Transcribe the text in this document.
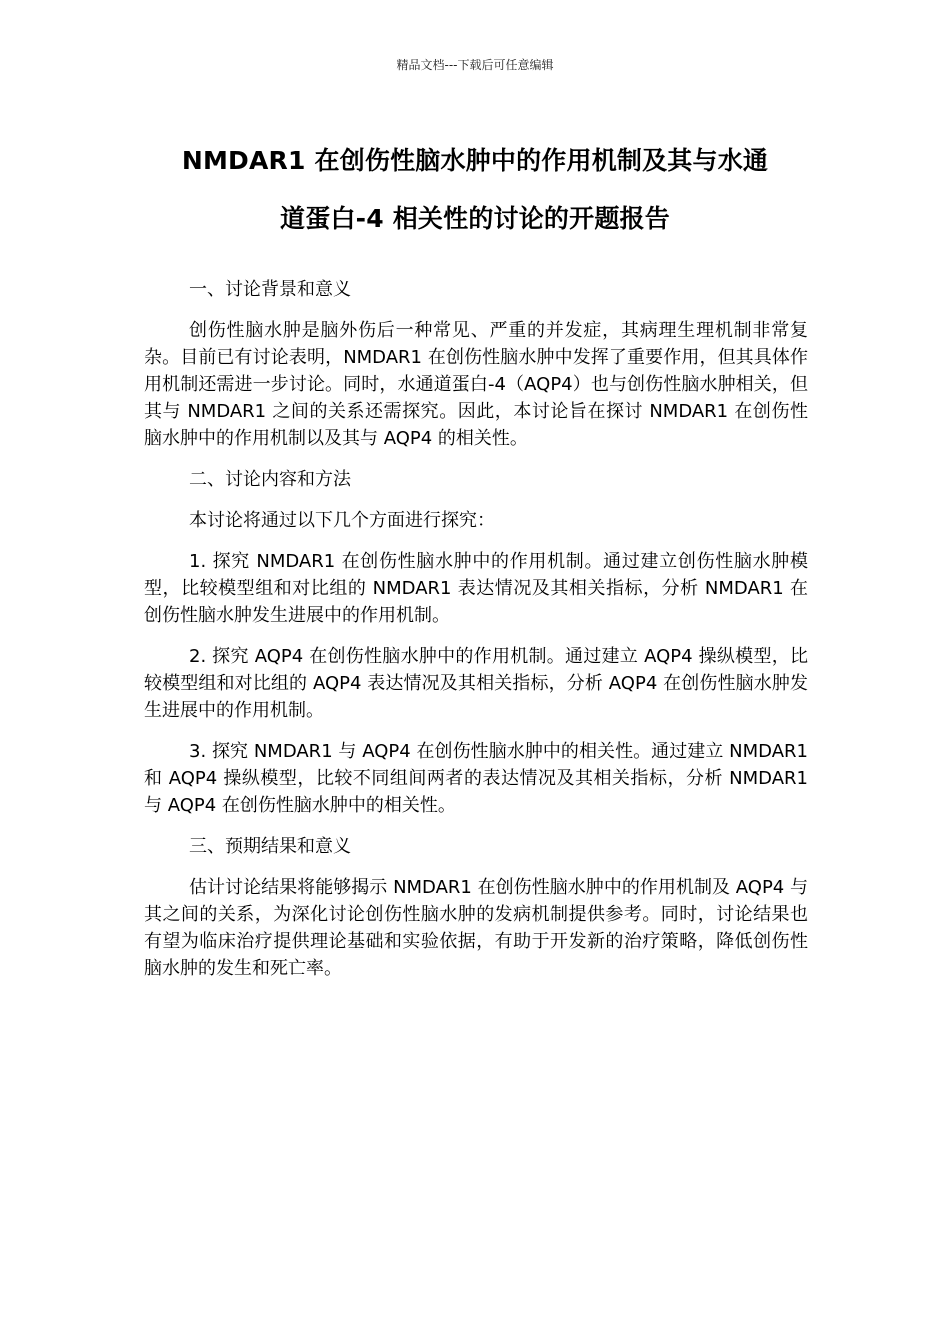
精品文档---下载后可任意编辑
NMDAR1 在创伤性脑水肿中的作用机制及其与水通
道蛋白-4 相关性的讨论的开题报告

一、讨论背景和意义

创伤性脑水肿是脑外伤后一种常见、严重的并发症，其病理生理机制非常复杂。目前已有讨论表明，NMDAR1 在创伤性脑水肿中发挥了重要作用，但其具体作用机制还需进一步讨论。同时，水通道蛋白-4（AQP4）也与创伤性脑水肿相关，但其与 NMDAR1 之间的关系还需探究。因此，本讨论旨在探讨 NMDAR1 在创伤性脑水肿中的作用机制以及其与 AQP4 的相关性。

二、讨论内容和方法

本讨论将通过以下几个方面进行探究：

1. 探究 NMDAR1 在创伤性脑水肿中的作用机制。通过建立创伤性脑水肿模型，比较模型组和对比组的 NMDAR1 表达情况及其相关指标，分析 NMDAR1 在创伤性脑水肿发生进展中的作用机制。

2. 探究 AQP4 在创伤性脑水肿中的作用机制。通过建立 AQP4 操纵模型，比较模型组和对比组的 AQP4 表达情况及其相关指标，分析 AQP4 在创伤性脑水肿发生进展中的作用机制。

3. 探究 NMDAR1 与 AQP4 在创伤性脑水肿中的相关性。通过建立 NMDAR1 和 AQP4 操纵模型，比较不同组间两者的表达情况及其相关指标，分析 NMDAR1 与 AQP4 在创伤性脑水肿中的相关性。

三、预期结果和意义

估计讨论结果将能够揭示 NMDAR1 在创伤性脑水肿中的作用机制及 AQP4 与其之间的关系，为深化讨论创伤性脑水肿的发病机制提供参考。同时，讨论结果也有望为临床治疗提供理论基础和实验依据，有助于开发新的治疗策略，降低创伤性脑水肿的发生和死亡率。
